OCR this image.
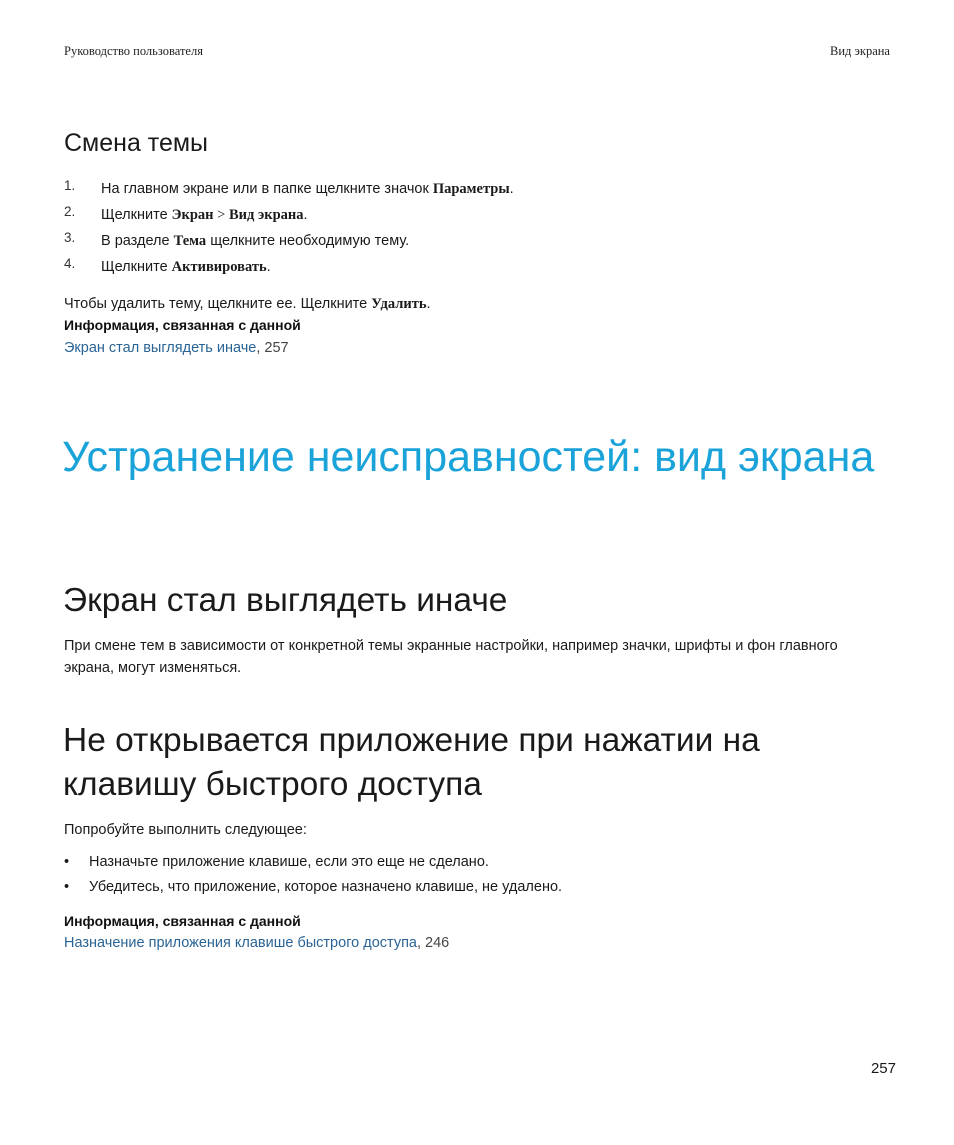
Руководство пользователя	Вид экрана
Смена темы
1. На главном экране или в папке щелкните значок Параметры.
2. Щелкните Экран > Вид экрана.
3. В разделе Тема щелкните необходимую тему.
4. Щелкните Активировать.
Чтобы удалить тему, щелкните ее. Щелкните Удалить.
Информация, связанная с данной
Экран стал выглядеть иначе, 257
Устранение неисправностей: вид экрана
Экран стал выглядеть иначе
При смене тем в зависимости от конкретной темы экранные настройки, например значки, шрифты и фон главного экрана, могут изменяться.
Не открывается приложение при нажатии на клавишу быстрого доступа
Попробуйте выполнить следующее:
• Назначьте приложение клавише, если это еще не сделано.
• Убедитесь, что приложение, которое назначено клавише, не удалено.
Информация, связанная с данной
Назначение приложения клавише быстрого доступа, 246
257
